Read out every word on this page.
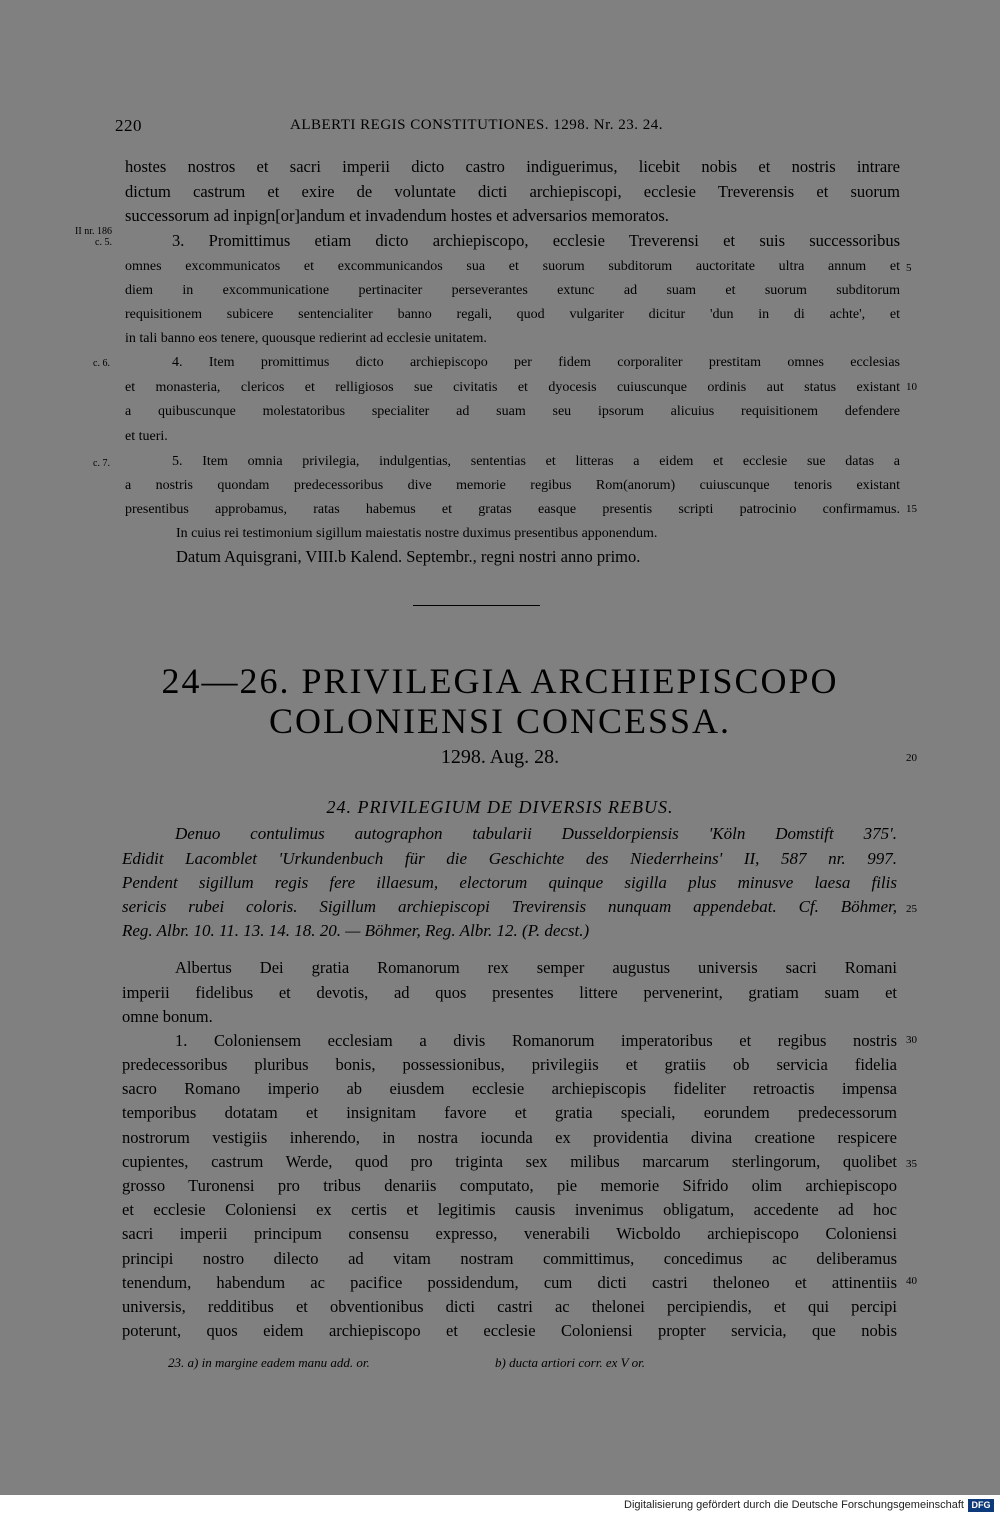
220	ALBERTI REGIS CONSTITUTIONES. 1298. Nr. 23. 24.
hostes nostros et sacri imperii dicto castro indiguerimus, licebit nobis et nostris intrare
dictum castrum et exire de voluntate dicti archiepiscopi, ecclesie Treverensis et suorum
successorum ad inpign[or]andum et invadendum hostes et adversarios memoratos.
II nr. 186
c. 5.	3. Promittimus etiam dicto archiepiscopo, ecclesie Treverensi et suis successoribus
omnes excommunicatos et excommunicandos sua et suorum subditorum auctoritate ultra annum et
diem in excommunicatione pertinaciter perseverantes extunc ad suam et suorum subditorum
requisitionem subicere sentencialiter banno regali, quod vulgariter dicitur 'dun in di achte', et
in tali banno eos tenere, quousque redierint ad ecclesie unitatem.
c. 6.	4. Item promittimus dicto archiepiscopo per fidem corporaliter prestitam omnes ecclesias
et monasteria, clericos et relligiosos sue civitatis et dyocesis cuiuscunque ordinis aut status existant
a quibuscunque molestatoribus specialiter ad suam seu ipsorum alicuius requisitionem defendere
et tueri.
c. 7.	5. Item omnia privilegia, indulgentias, sententias et litteras a eidem et ecclesie sue datas a
a nostris quondam predecessoribus dive memorie regibus Rom(anorum) cuiuscunque tenoris existant
presentibus approbamus, ratas habemus et gratas easque presentis scripti patrocinio confirmamus.
In cuius rei testimonium sigillum maiestatis nostre duximus presentibus apponendum.
Datum Aquisgrani, VIII.b Kalend. Septembr., regni nostri anno primo.
5
10
15
20
25
30
35
40
24—26. PRIVILEGIA ARCHIEPISCOPO
COLONIENSI CONCESSA.
1298. Aug. 28.
24. PRIVILEGIUM DE DIVERSIS REBUS.
Denuo contulimus autographon tabularii Dusseldorpiensis 'Köln Domstift 375'.
Edidit Lacomblet 'Urkundenbuch für die Geschichte des Niederrheins' II, 587 nr. 997.
Pendent sigillum regis fere illaesum, electorum quinque sigilla plus minusve laesa filis
sericis rubei coloris. Sigillum archiepiscopi Trevirensis nunquam appendebat. Cf. Böhmer,
Reg. Albr. 10. 11. 13. 14. 18. 20. — Böhmer, Reg. Albr. 12. (P. decst.)
Albertus Dei gratia Romanorum rex semper augustus universis sacri Romani
imperii fidelibus et devotis, ad quos presentes littere pervenerint, gratiam suam et
omne bonum.
1. Coloniensem ecclesiam a divis Romanorum imperatoribus et regibus nostris
predecessoribus pluribus bonis, possessionibus, privilegiis et gratiis ob servicia fidelia
sacro Romano imperio ab eiusdem ecclesie archiepiscopis fideliter retroactis impensa
temporibus dotatam et insignitam favore et gratia speciali, eorundem predecessorum
nostrorum vestigiis inherendo, in nostra iocunda ex providentia divina creatione respicere
cupientes, castrum Werde, quod pro triginta sex milibus marcarum sterlingorum, quolibet
grosso Turonensi pro tribus denariis computato, pie memorie Sifrido olim archiepiscopo
et ecclesie Coloniensi ex certis et legitimis causis invenimus obligatum, accedente ad hoc
sacri imperii principum consensu expresso, venerabili Wicboldo archiepiscopo Coloniensi
principi nostro dilecto ad vitam nostram committimus, concedimus ac deliberamus
tenendum, habendum ac pacifice possidendum, cum dicti castri theloneo et attinentiis
universis, redditibus et obventionibus dicti castri ac thelonei percipiendis, et qui percipi
poterunt, quos eidem archiepiscopo et ecclesie Coloniensi propter servicia, que nobis
23. a) in margine eadem manu add. or.	b) ducta artiori corr. ex V or.
Digitalisierung gefördert durch die Deutsche Forschungsgemeinschaft DFG
